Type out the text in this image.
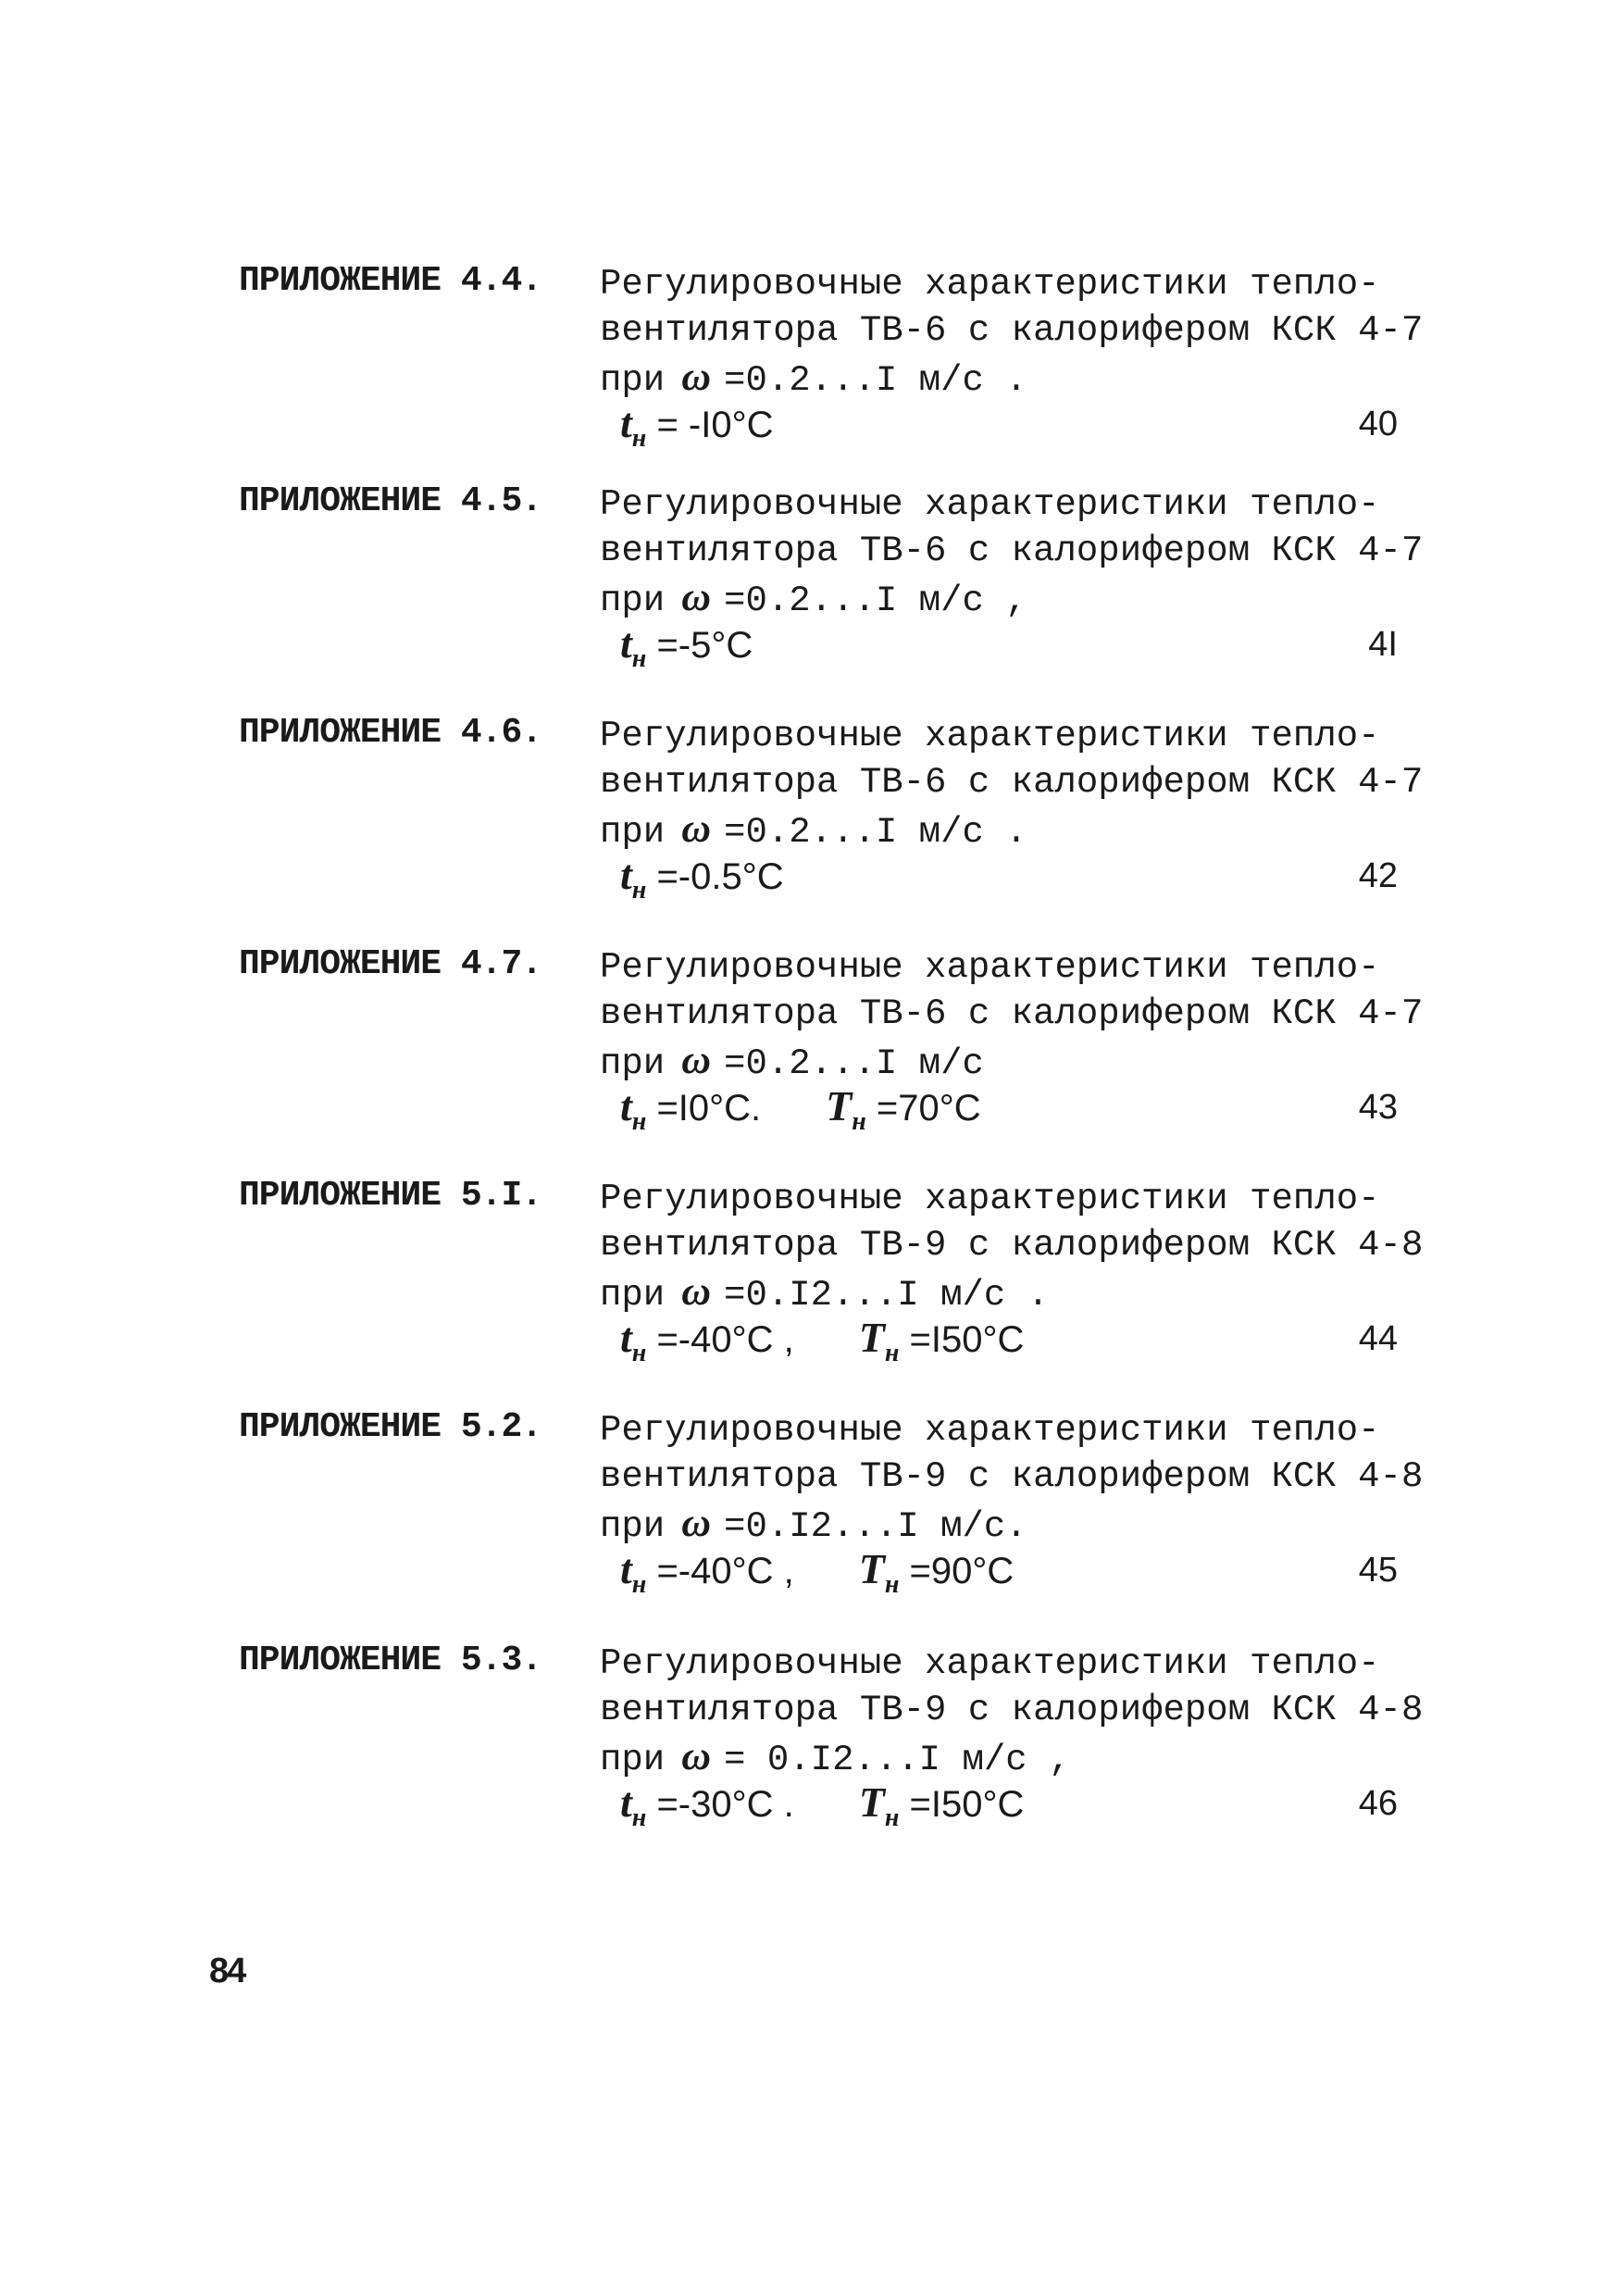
ПРИЛОЖЕНИЕ 4.4. Регулировочные характеристики тепло-
вентилятора ТВ-6 с калорифером КСК 4-7
при ω =0.2...I м/с .
$t_н = -I0^\circ C$	40
ПРИЛОЖЕНИЕ 4.5. Регулировочные характеристики тепло-
вентилятора ТВ-6 с калорифером КСК 4-7
при ω =0.2...I м/с ,
$t_н =-5^\circ C$	4I
ПРИЛОЖЕНИЕ 4.6. Регулировочные характеристики тепло-
вентилятора ТВ-6 с калорифером КСК 4-7
при ω =0.2...I м/с .
$t_н =-0.5^\circ C$	42
ПРИЛОЖЕНИЕ 4.7. Регулировочные характеристики тепло-
вентилятора ТВ-6 с калорифером КСК 4-7
при ω =0.2...I м/с
$t_н =I0^\circ C$. $T_н =70^\circ C$	43
ПРИЛОЖЕНИЕ 5.I. Регулировочные характеристики тепло-
вентилятора ТВ-9 с калорифером КСК 4-8
при ω =0.I2...I м/с .
$t_н =-40^\circ C$ , $T_н =I50^\circ C$	44
ПРИЛОЖЕНИЕ 5.2. Регулировочные характеристики тепло-
вентилятора ТВ-9 с калорифером КСК 4-8
при ω =0.I2...I м/с.
$t_н =-40^\circ C$ , $T_н =90^\circ C$	45
ПРИЛОЖЕНИЕ 5.3. Регулировочные характеристики тепло-
вентилятора ТВ-9 с калорифером КСК 4-8
при ω = 0.I2...I м/с ,
$t_н =-30^\circ C$ . $T_н =I50^\circ C$	46
84
